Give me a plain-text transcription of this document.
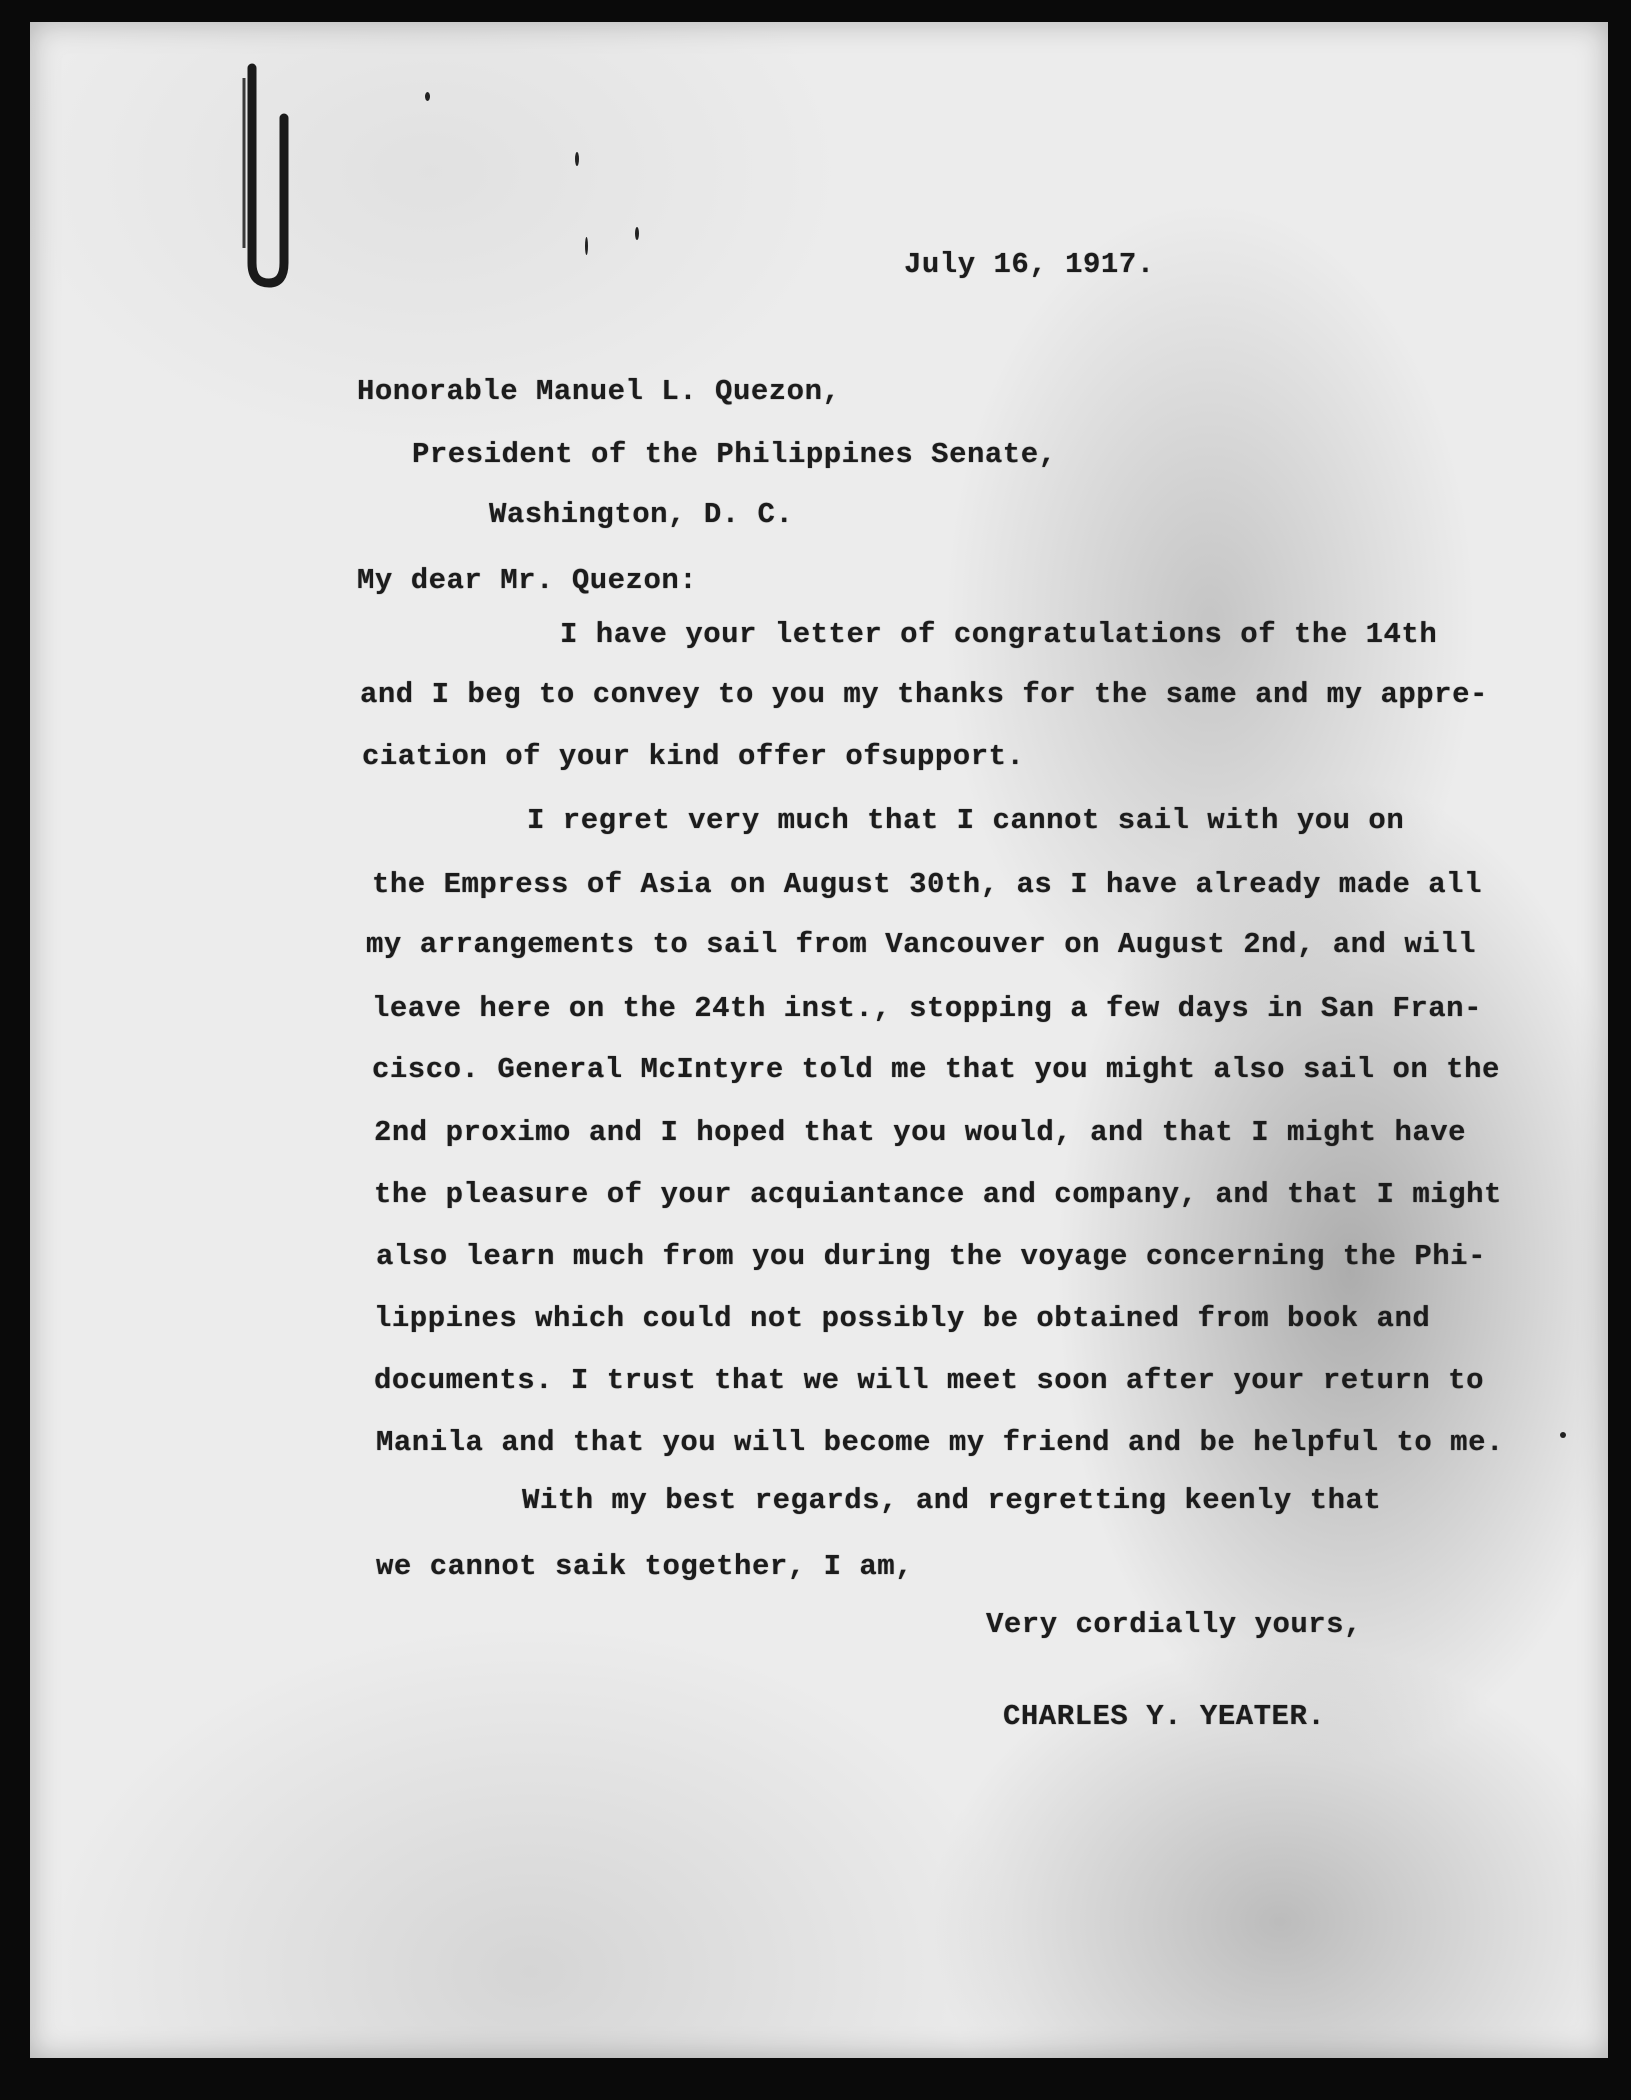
July 16, 1917.
Honorable Manuel L. Quezon,
President of the Philippines Senate,
Washington, D. C.
My dear Mr. Quezon:
I have your letter of congratulations of the 14th
and I beg to convey to you my thanks for the same and my appre-
ciation of your kind offer ofsupport.
I regret very much that I cannot sail with you on
the Empress of Asia on August 30th, as I have already made all
my arrangements to sail from Vancouver on August 2nd, and will
leave here on the 24th inst., stopping a few days in San Fran-
cisco. General McIntyre told me that you might also sail on the
2nd proximo and I hoped that you would, and that I might have
the pleasure of your acquiantance and company, and that I might
also learn much from you during the voyage concerning the Phi-
lippines which could not possibly be obtained from book and
documents. I trust that we will meet soon after your return to
Manila and that you will become my friend and be helpful to me.
With my best regards, and regretting keenly that
we cannot saik together, I am,
Very cordially yours,
CHARLES Y. YEATER.
